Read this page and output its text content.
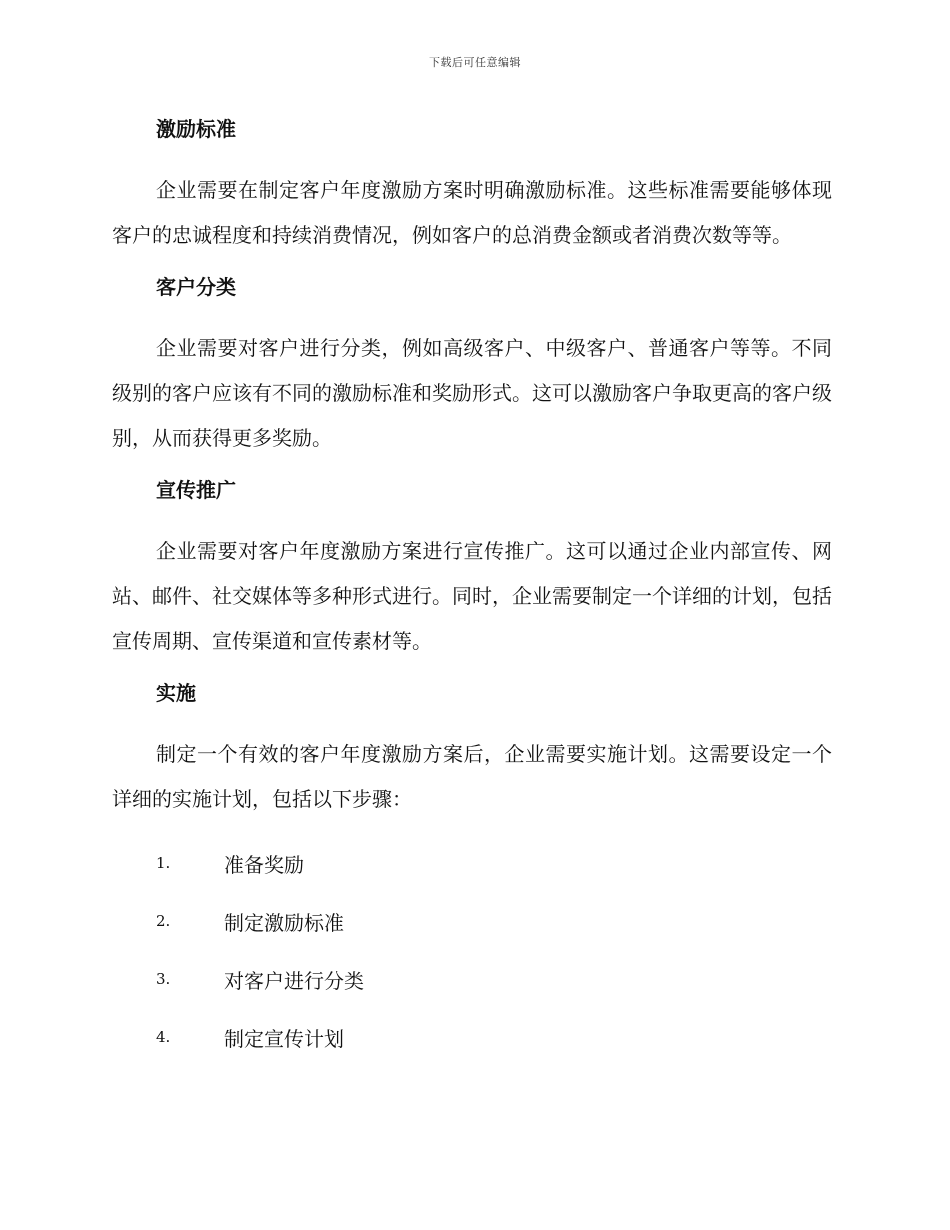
下载后可任意编辑
激励标准

企业需要在制定客户年度激励方案时明确激励标准。这些标准需要能够体现客户的忠诚程度和持续消费情况，例如客户的总消费金额或者消费次数等等。

客户分类

企业需要对客户进行分类，例如高级客户、中级客户、普通客户等等。不同级别的客户应该有不同的激励标准和奖励形式。这可以激励客户争取更高的客户级别，从而获得更多奖励。

宣传推广

企业需要对客户年度激励方案进行宣传推广。这可以通过企业内部宣传、网站、邮件、社交媒体等多种形式进行。同时，企业需要制定一个详细的计划，包括宣传周期、宣传渠道和宣传素材等。

实施

制定一个有效的客户年度激励方案后，企业需要实施计划。这需要设定一个详细的实施计划，包括以下步骤：

1.	准备奖励
2.	制定激励标准
3.	对客户进行分类
4.	制定宣传计划
